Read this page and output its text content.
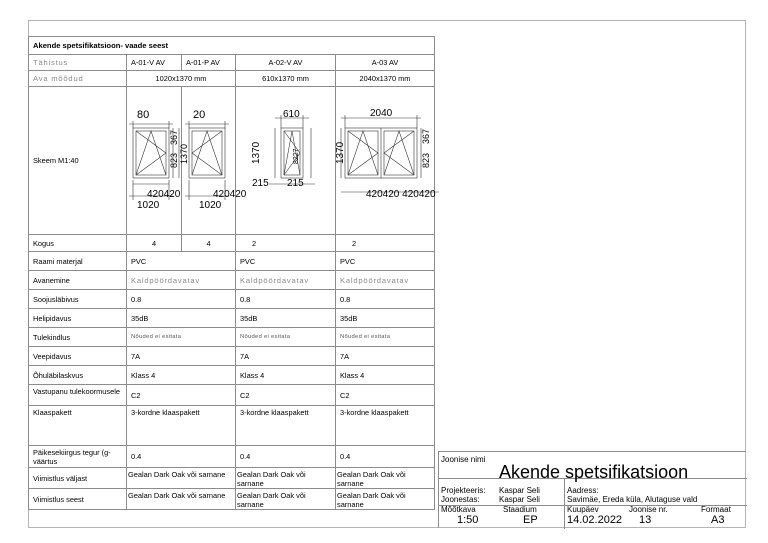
Akende spetsifikatsioon- vaade seest				
Tähistus	A-01-V AV	A-01-P AV	A-02-V AV	A-03 AV
Ava mõõdud	1020x1370 mm		610x1370 mm	2040x1370 mm
Skeem M1:40				
Kogus	4	4	2	2
Raami materjal	PVC		PVC	PVC
Avanemine	Kaldpöördavatav		Kaldpöördavatav	Kaldpöördavatav
Soojusläbivus	0.8		0.8	0.8
Helipidavus	35dB		35dB	35dB
Tulekindlus	Nõuded ei esitata		Nõuded ei esitata	Nõuded ei esitata
Veepidavus	7A		7A	7A
Õhuläbilaskvus	Klass 4		Klass 4	Klass 4
Vastupanu tulekoormusele	C2		C2	C2
Klaaspakett	3-kordne klaaspakett		3-kordne klaaspakett	3-kordne klaaspakett
Päikesekiirgus tegur (g-väärtus	0.4		0.4	0.4
Viimistlus väljast	Gealan Dark Oak või sarnane		Gealan Dark Oak või sarnane	Gealan Dark Oak või sarnane
Viimistlus seest	Gealan Dark Oak või sarnane		Gealan Dark Oak või sarnane	Gealan Dark Oak või sarnane
80	20	610	2040
420420
1020
420420
1020
215 215
420420 420420
823
367
1370	1370	8227	1370	823
367
Joonise nimi
Akende spetsifikatsioon
Projekteeris: Kaspar Seli	Aadress:
Joonestas: Kaspar Seli	Savimäe, Ereda küla, Alutaguse vald
Mõõtkava	Staadium	Kuupäev	Joonise nr.	Formaat
1:50	EP	14.02.2022 13	A3
